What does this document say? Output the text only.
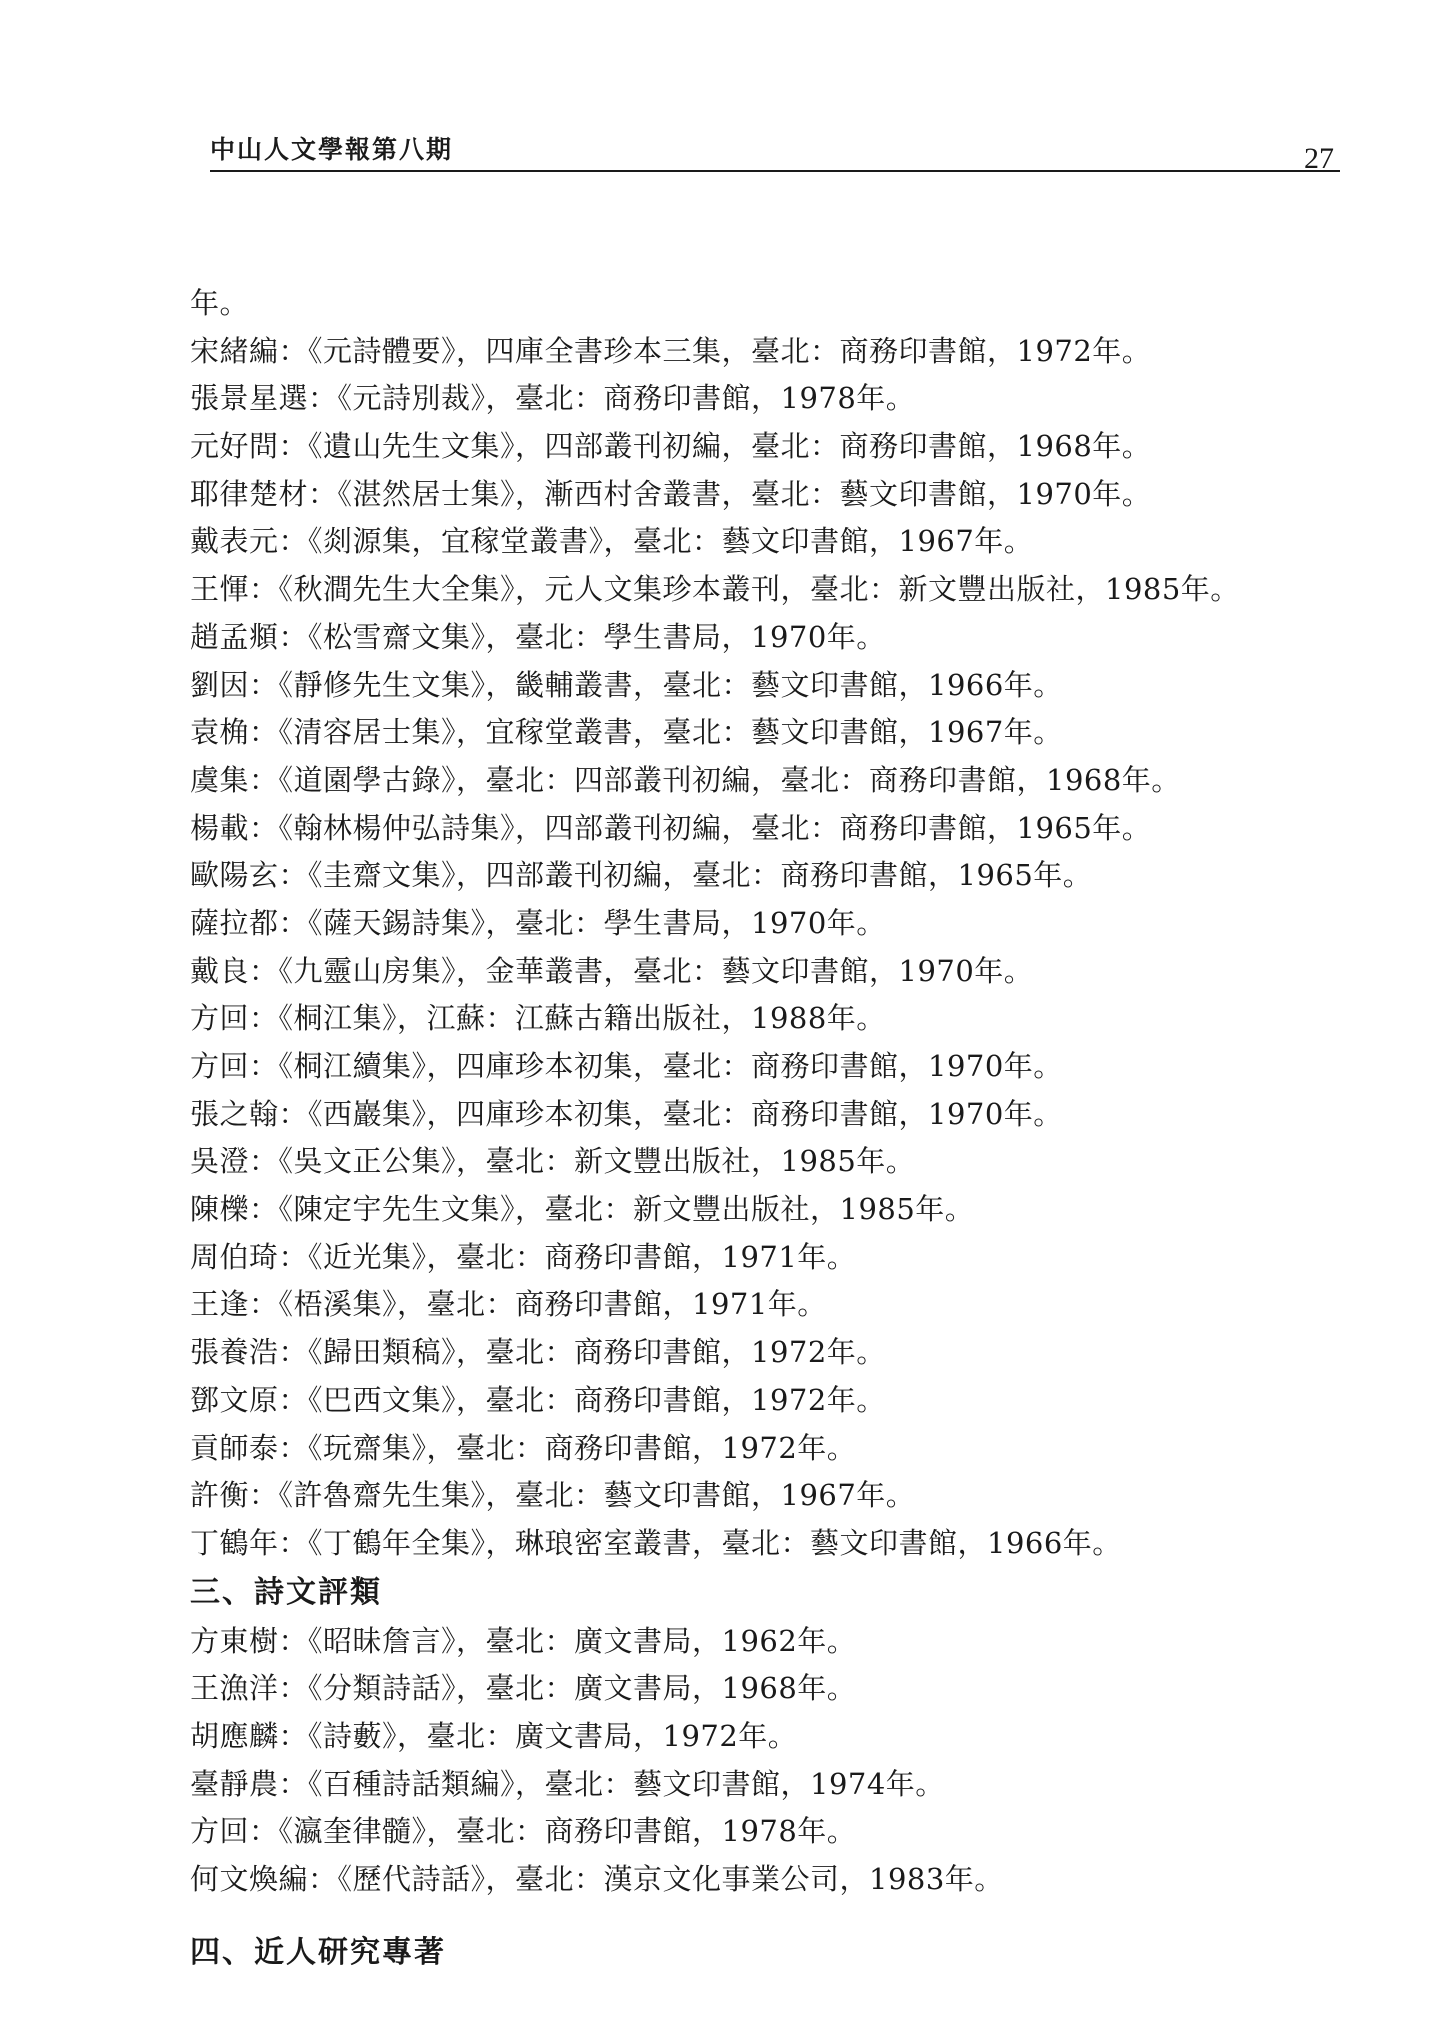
中山人文學報第八期	27
年。
宋緒編：《元詩體要》，四庫全書珍本三集，臺北：商務印書館，1972年。
張景星選：《元詩別裁》，臺北：商務印書館，1978年。
元好問：《遺山先生文集》，四部叢刊初編，臺北：商務印書館，1968年。
耶律楚材：《湛然居士集》，漸西村舍叢書，臺北：藝文印書館，1970年。
戴表元：《剡源集，宜稼堂叢書》，臺北：藝文印書館，1967年。
王惲：《秋澗先生大全集》，元人文集珍本叢刊，臺北：新文豐出版社，1985年。
趙孟頫：《松雪齋文集》，臺北：學生書局，1970年。
劉因：《靜修先生文集》，畿輔叢書，臺北：藝文印書館，1966年。
袁桷：《清容居士集》，宜稼堂叢書，臺北：藝文印書館，1967年。
虞集：《道園學古錄》，臺北：四部叢刊初編，臺北：商務印書館，1968年。
楊載：《翰林楊仲弘詩集》，四部叢刊初編，臺北：商務印書館，1965年。
歐陽玄：《圭齋文集》，四部叢刊初編，臺北：商務印書館，1965年。
薩拉都：《薩天錫詩集》，臺北：學生書局，1970年。
戴良：《九靈山房集》，金華叢書，臺北：藝文印書館，1970年。
方回：《桐江集》，江蘇：江蘇古籍出版社，1988年。
方回：《桐江續集》，四庫珍本初集，臺北：商務印書館，1970年。
張之翰：《西巖集》，四庫珍本初集，臺北：商務印書館，1970年。
吳澄：《吳文正公集》，臺北：新文豐出版社，1985年。
陳櫟：《陳定宇先生文集》，臺北：新文豐出版社，1985年。
周伯琦：《近光集》，臺北：商務印書館，1971年。
王逢：《梧溪集》，臺北：商務印書館，1971年。
張養浩：《歸田類稿》，臺北：商務印書館，1972年。
鄧文原：《巴西文集》，臺北：商務印書館，1972年。
貢師泰：《玩齋集》，臺北：商務印書館，1972年。
許衡：《許魯齋先生集》，臺北：藝文印書館，1967年。
丁鶴年：《丁鶴年全集》，琳琅密室叢書，臺北：藝文印書館，1966年。
三、詩文評類
方東樹：《昭昧詹言》，臺北：廣文書局，1962年。
王漁洋：《分類詩話》，臺北：廣文書局，1968年。
胡應麟：《詩藪》，臺北：廣文書局，1972年。
臺靜農：《百種詩話類編》，臺北：藝文印書館，1974年。
方回：《瀛奎律髓》，臺北：商務印書館，1978年。
何文煥編：《歷代詩話》，臺北：漢京文化事業公司，1983年。
四、近人研究專著
